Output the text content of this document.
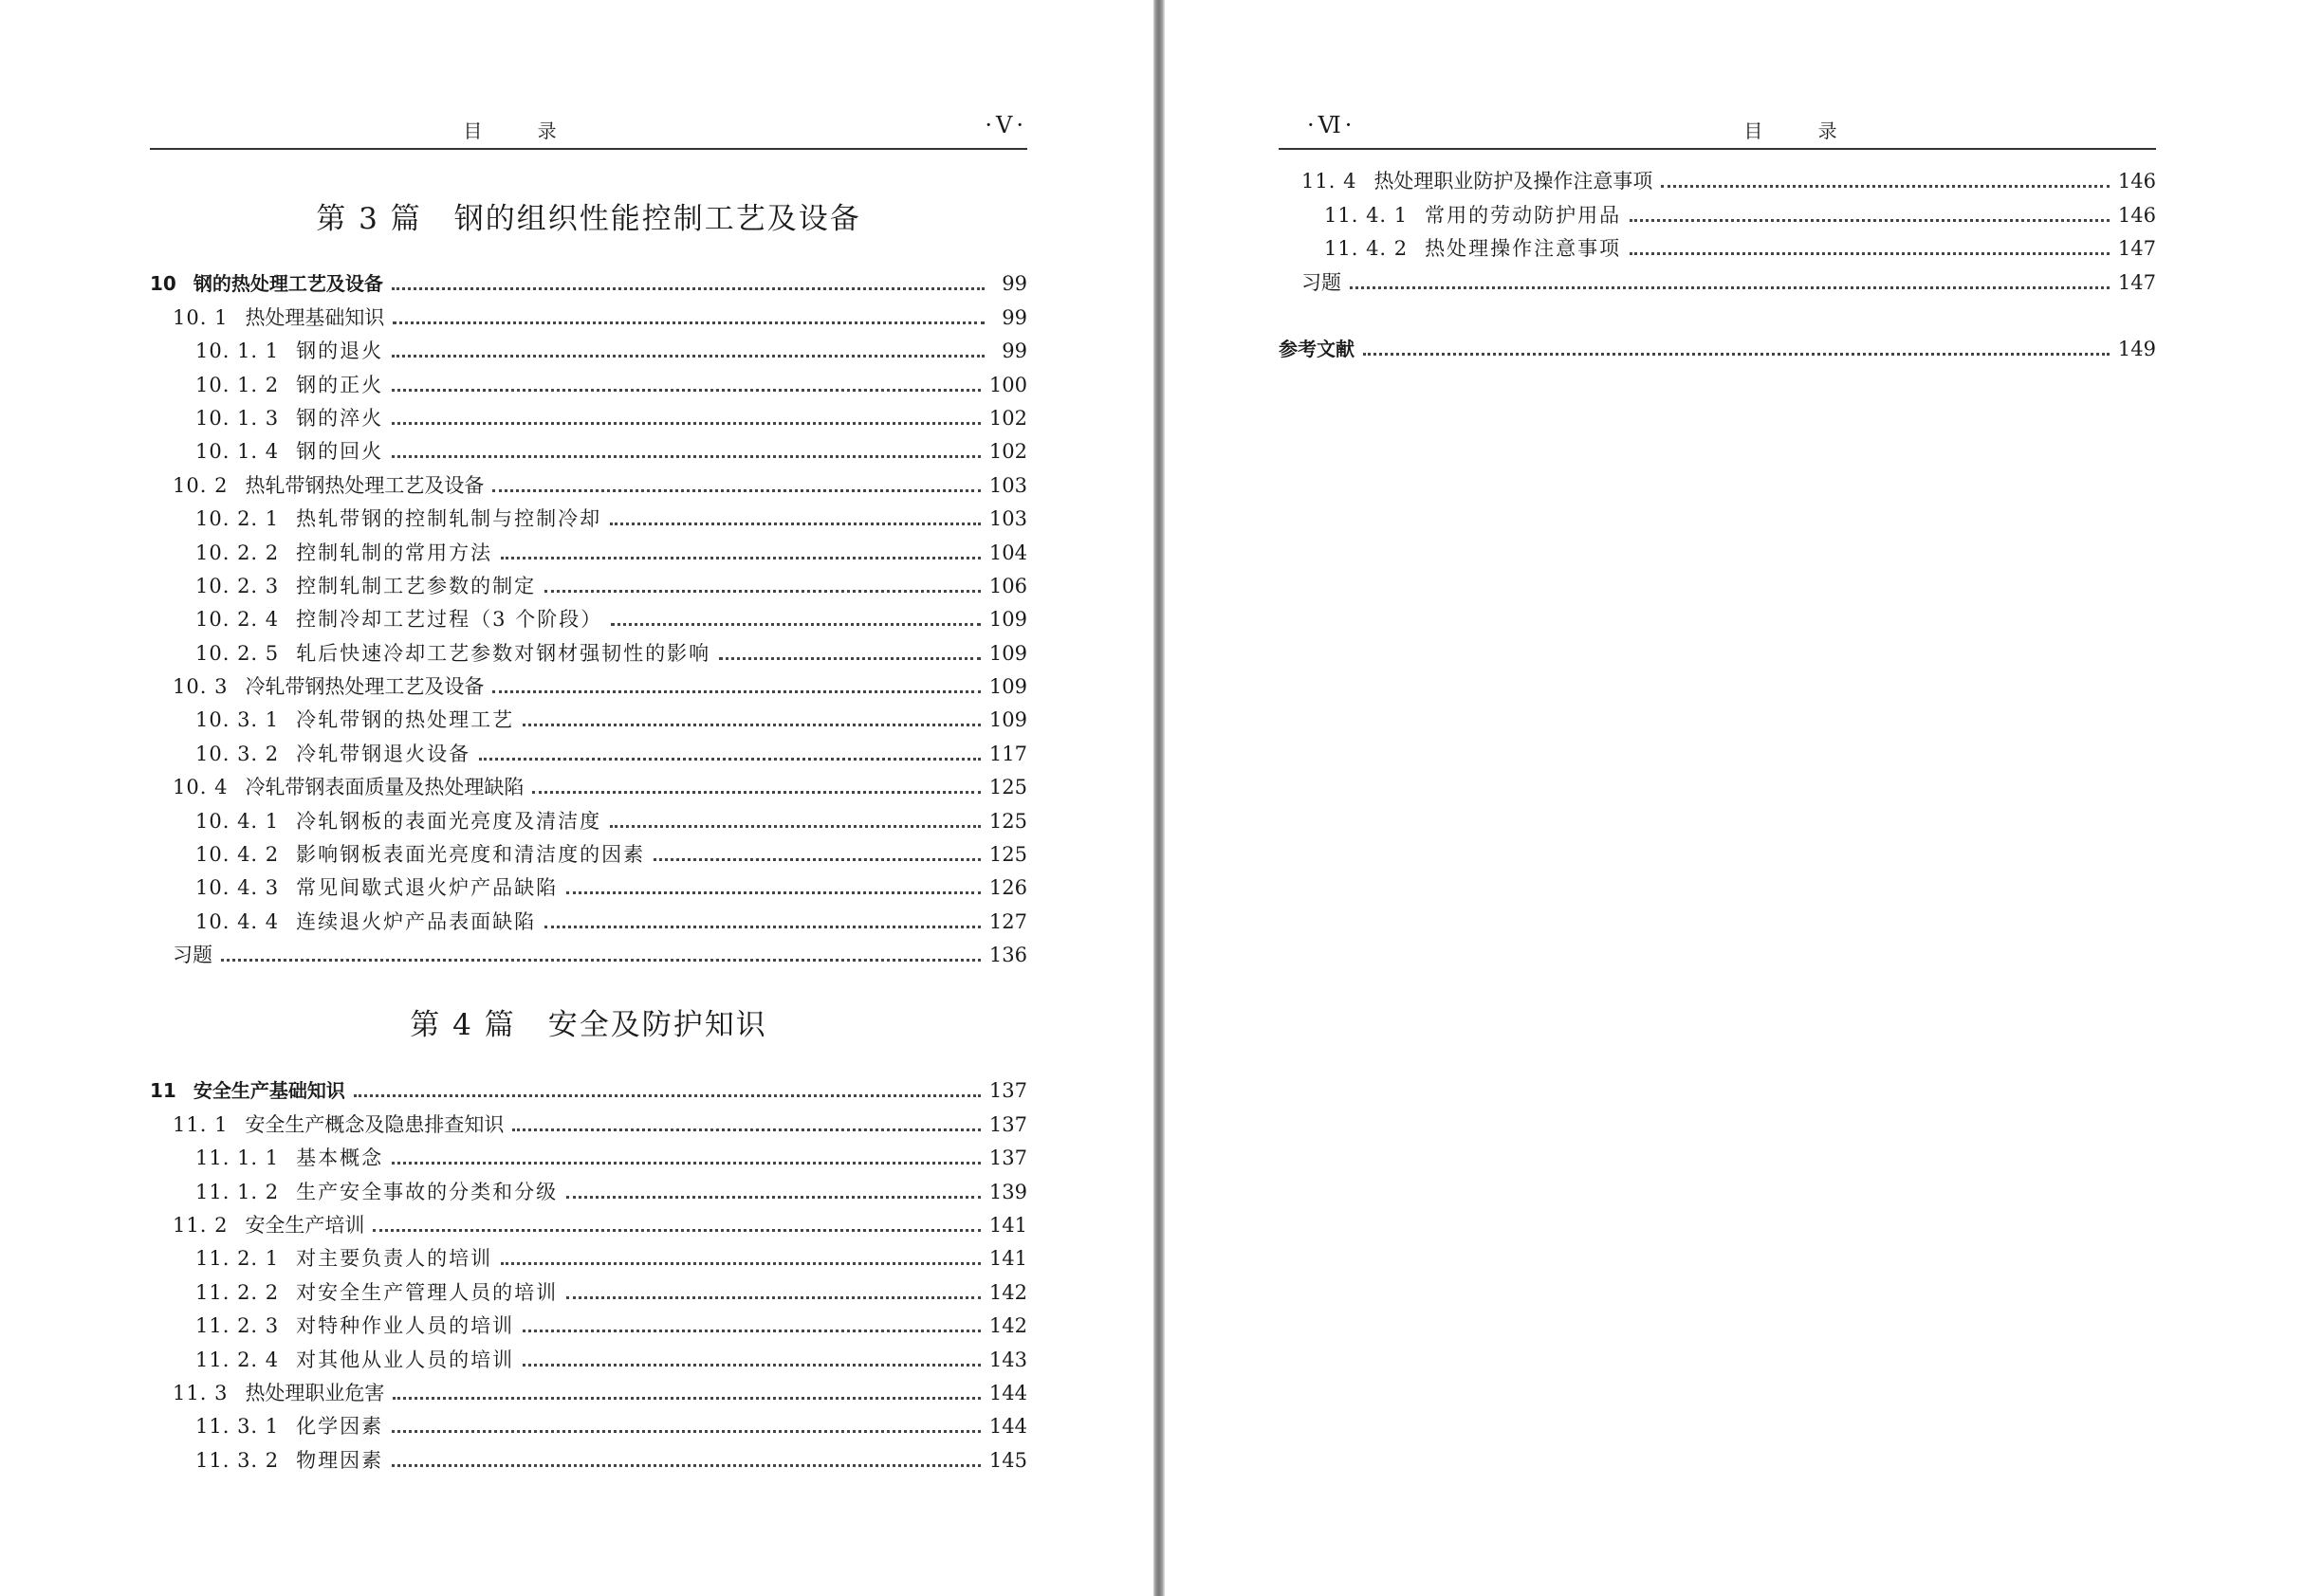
目 录	·Ⅴ·
第 3 篇 钢的组织性能控制工艺及设备
10 钢的热处理工艺及设备	99
10. 1 热处理基础知识	99
10. 1. 1 钢的退火	99
10. 1. 2 钢的正火	100
10. 1. 3 钢的淬火	102
10. 1. 4 钢的回火	102
10. 2 热轧带钢热处理工艺及设备	103
10. 2. 1 热轧带钢的控制轧制与控制冷却	103
10. 2. 2 控制轧制的常用方法	104
10. 2. 3 控制轧制工艺参数的制定	106
10. 2. 4 控制冷却工艺过程（3 个阶段）	109
10. 2. 5 轧后快速冷却工艺参数对钢材强韧性的影响	109
10. 3 冷轧带钢热处理工艺及设备	109
10. 3. 1 冷轧带钢的热处理工艺	109
10. 3. 2 冷轧带钢退火设备	117
10. 4 冷轧带钢表面质量及热处理缺陷	125
10. 4. 1 冷轧钢板的表面光亮度及清洁度	125
10. 4. 2 影响钢板表面光亮度和清洁度的因素	125
10. 4. 3 常见间歇式退火炉产品缺陷	126
10. 4. 4 连续退火炉产品表面缺陷	127
习题	136
第 4 篇 安全及防护知识
11 安全生产基础知识	137
11. 1 安全生产概念及隐患排查知识	137
11. 1. 1 基本概念	137
11. 1. 2 生产安全事故的分类和分级	139
11. 2 安全生产培训	141
11. 2. 1 对主要负责人的培训	141
11. 2. 2 对安全生产管理人员的培训	142
11. 2. 3 对特种作业人员的培训	142
11. 2. 4 对其他从业人员的培训	143
11. 3 热处理职业危害	144
11. 3. 1 化学因素	144
11. 3. 2 物理因素	145
·Ⅵ·	目 录
11. 4 热处理职业防护及操作注意事项	146
11. 4. 1 常用的劳动防护用品	146
11. 4. 2 热处理操作注意事项	147
习题	147
参考文献	149
